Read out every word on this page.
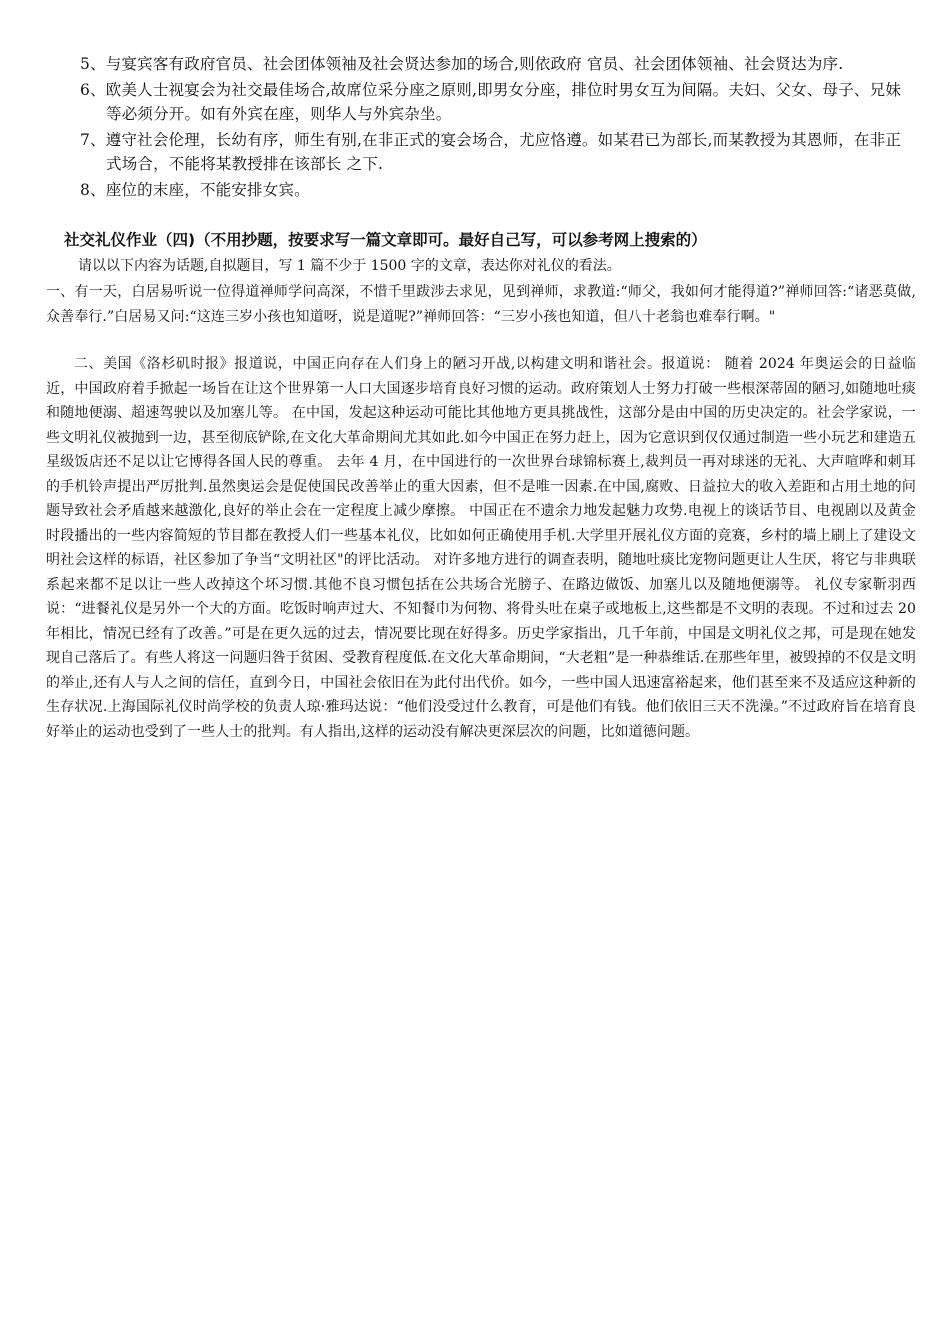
5、与宴宾客有政府官员、社会团体领袖及社会贤达参加的场合,则依政府 官员、社会团体领袖、社会贤达为序.
6、欧美人士视宴会为社交最佳场合,故席位采分座之原则,即男女分座，排位时男女互为间隔。夫妇、父女、母子、兄妹等必须分开。如有外宾在座，则华人与外宾杂坐。
7、遵守社会伦理，长幼有序，师生有别,在非正式的宴会场合，尤应恪遵。如某君已为部长,而某教授为其恩师，在非正式场合，不能将某教授排在该部长 之下.
8、座位的末座，不能安排女宾。
社交礼仪作业（四)（不用抄题，按要求写一篇文章即可。最好自己写，可以参考网上搜索的）
请以以下内容为话题,自拟题目，写 1 篇不少于 1500 字的文章，表达你对礼仪的看法。
一、有一天，白居易听说一位得道禅师学问高深，不惜千里跋涉去求见，见到禅师，求教道:“师父，我如何才能得道?”禅师回答:“诸恶莫做,众善奉行.”白居易又问:“这连三岁小孩也知道呀，说是道呢?”禅师回答：“三岁小孩也知道，但八十老翁也难奉行啊。"
二、美国《洛杉矶时报》报道说，中国正向存在人们身上的陋习开战,以构建文明和谐社会。报道说： 随着 2024 年奥运会的日益临近，中国政府着手掀起一场旨在让这个世界第一人口大国逐步培育良好习惯的运动。政府策划人士努力打破一些根深蒂固的陋习,如随地吐痰和随地便溺、超速驾驶以及加塞儿等。 在中国，发起这种运动可能比其他地方更具挑战性，这部分是由中国的历史决定的。社会学家说，一些文明礼仪被抛到一边，甚至彻底铲除,在文化大革命期间尤其如此.如今中国正在努力赶上，因为它意识到仅仅通过制造一些小玩艺和建造五星级饭店还不足以让它博得各国人民的尊重。 去年 4 月，在中国进行的一次世界台球锦标赛上,裁判员一再对球迷的无礼、大声喧哗和刺耳的手机铃声提出严厉批判.虽然奥运会是促使国民改善举止的重大因素，但不是唯一因素.在中国,腐败、日益拉大的收入差距和占用土地的问题导致社会矛盾越来越激化,良好的举止会在一定程度上减少摩擦。 中国正在不遗余力地发起魅力攻势.电视上的谈话节目、电视剧以及黄金时段播出的一些内容简短的节目都在教授人们一些基本礼仪，比如如何正确使用手机.大学里开展礼仪方面的竞赛，乡村的墙上刷上了建设文明社会这样的标语，社区参加了争当“文明社区"的评比活动。 对许多地方进行的调查表明，随地吐痰比宠物问题更让人生厌，将它与非典联系起来都不足以让一些人改掉这个坏习惯.其他不良习惯包括在公共场合光膀子、在路边做饭、加塞儿以及随地便溺等。 礼仪专家靳羽西说：“进餐礼仪是另外一个大的方面。吃饭时响声过大、不知餐巾为何物、将骨头吐在桌子或地板上,这些都是不文明的表现。不过和过去 20 年相比，情况已经有了改善。”可是在更久远的过去，情况要比现在好得多。历史学家指出，几千年前，中国是文明礼仪之邦，可是现在她发现自己落后了。有些人将这一问题归咎于贫困、受教育程度低.在文化大革命期间，“大老粗”是一种恭维话.在那些年里，被毁掉的不仅是文明的举止,还有人与人之间的信任，直到今日，中国社会依旧在为此付出代价。如今，一些中国人迅速富裕起来，他们甚至来不及适应这种新的生存状况.上海国际礼仪时尚学校的负责人琼·雅玛达说：“他们没受过什么教育，可是他们有钱。他们依旧三天不洗澡。”不过政府旨在培育良好举止的运动也受到了一些人士的批判。有人指出,这样的运动没有解决更深层次的问题，比如道德问题。
